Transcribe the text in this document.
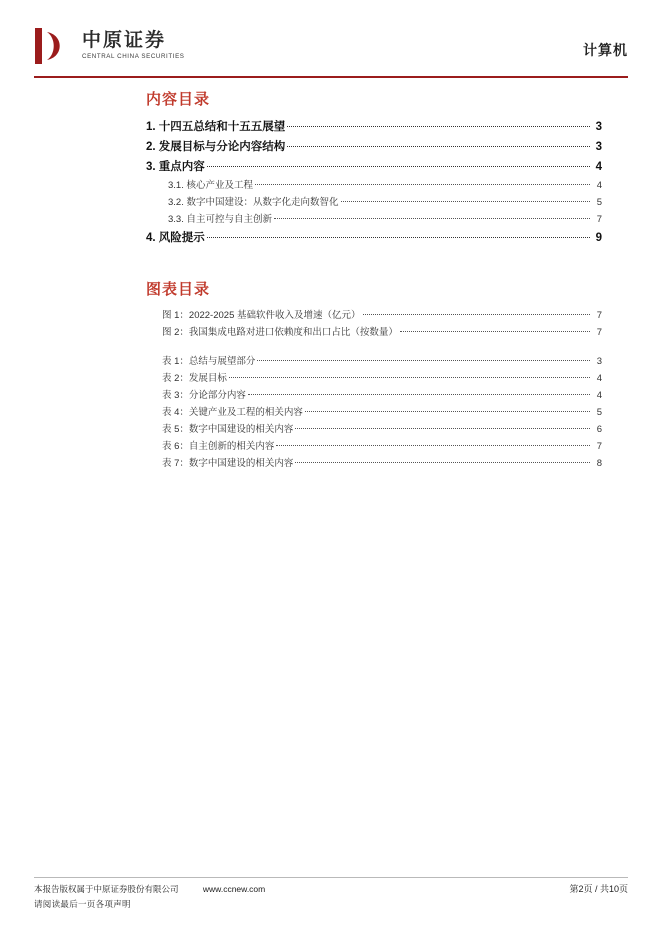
中原证券
CENTRAL CHINA SECURITIES	计算机
内容目录
1. 十四五总结和十五五展望	3
2. 发展目标与分论内容结构	3
3. 重点内容	4
3.1. 核心产业及工程	4
3.2. 数字中国建设：从数字化走向数智化	5
3.3. 自主可控与自主创新	7
4. 风险提示	9
图表目录
图 1：2022-2025 基础软件收入及增速（亿元）	7
图 2：我国集成电路对进口依赖度和出口占比（按数量）	7
表 1：总结与展望部分	3
表 2：发展目标	4
表 3：分论部分内容	4
表 4：关键产业及工程的相关内容	5
表 5：数字中国建设的相关内容	6
表 6：自主创新的相关内容	7
表 7：数字中国建设的相关内容	8
本报告版权属于中原证券股份有限公司	www.ccnew.com
请阅读最后一页各项声明
第2页 / 共10页
